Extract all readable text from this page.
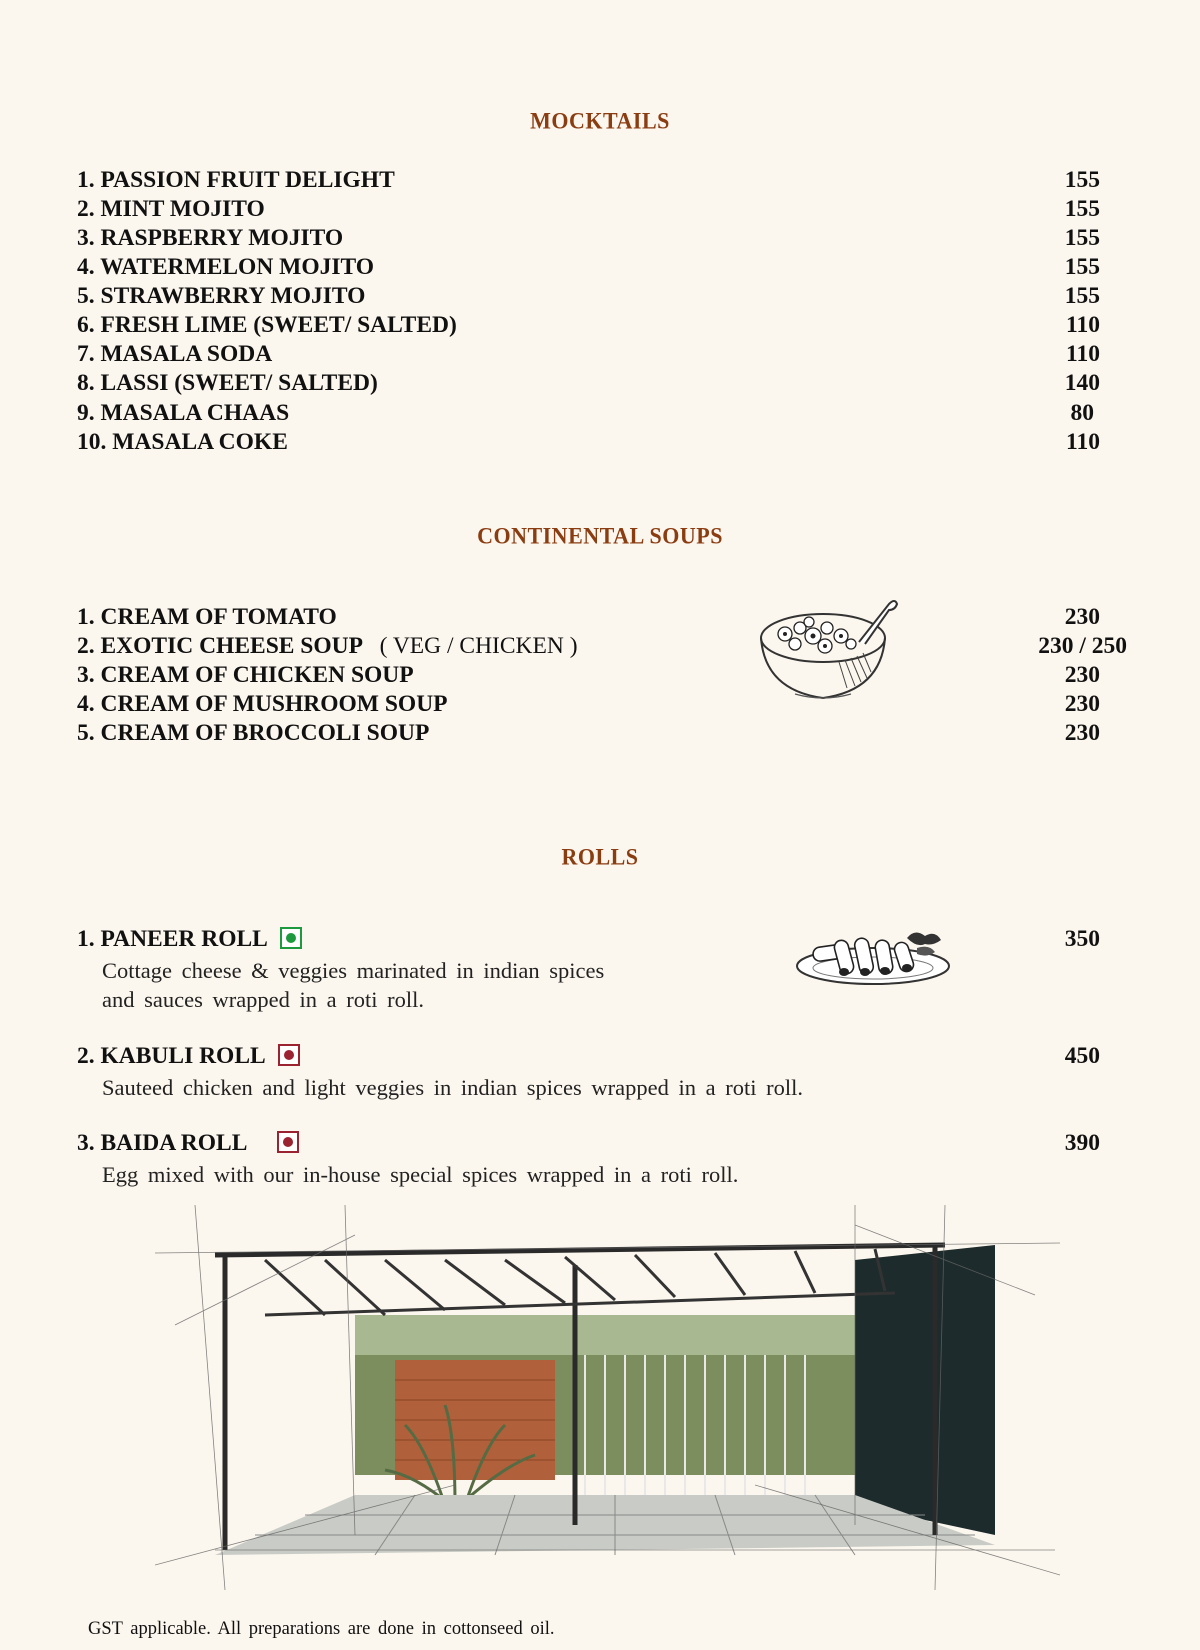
MOCKTAILS
1. PASSION FRUIT DELIGHT	155
2. MINT MOJITO	155
3. RASPBERRY MOJITO	155
4. WATERMELON MOJITO	155
5. STRAWBERRY MOJITO	155
6. FRESH LIME (SWEET/ SALTED)	110
7. MASALA SODA	110
8. LASSI (SWEET/ SALTED)	140
9. MASALA CHAAS	80
10. MASALA COKE	110
CONTINENTAL SOUPS
1. CREAM OF TOMATO	230
2. EXOTIC CHEESE SOUP ( VEG / CHICKEN )	230 / 250
3. CREAM OF CHICKEN SOUP	230
4. CREAM OF MUSHROOM SOUP	230
5. CREAM OF BROCCOLI SOUP	230
ROLLS
1. PANEER ROLL	350
Cottage cheese & veggies marinated in indian spices
and sauces wrapped in a roti roll.
2. KABULI ROLL	450
Sauteed chicken and light veggies in indian spices wrapped in a roti roll.
3. BAIDA ROLL	390
Egg mixed with our in-house special spices wrapped in a roti roll.
GST applicable. All preparations are done in cottonseed oil.
